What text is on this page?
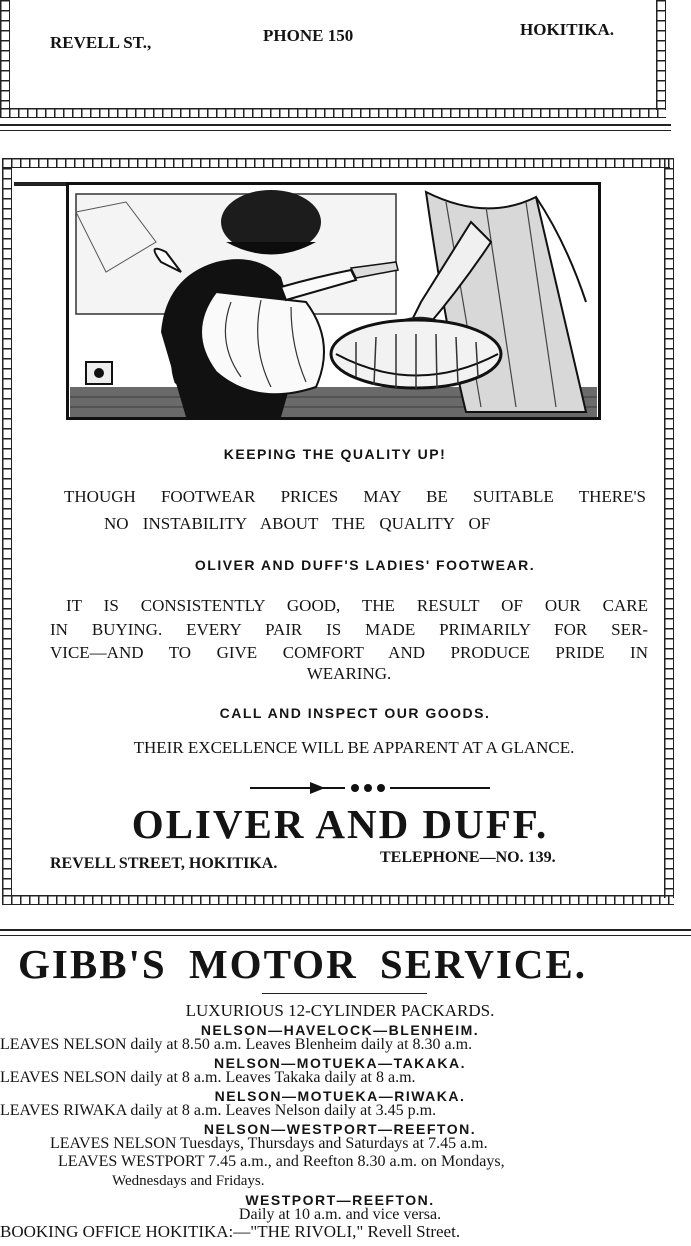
REVELL ST.,	PHONE 150	HOKITIKA.
KEEPING THE QUALITY UP!
THOUGH FOOTWEAR PRICES MAY BE SUITABLE THERE'S
NO INSTABILITY ABOUT THE QUALITY OF
OLIVER AND DUFF'S LADIES' FOOTWEAR.
IT IS CONSISTENTLY GOOD, THE RESULT OF OUR CARE
IN BUYING. EVERY PAIR IS MADE PRIMARILY FOR SER-
VICE—AND TO GIVE COMFORT AND PRODUCE PRIDE IN
WEARING.
CALL AND INSPECT OUR GOODS.
THEIR EXCELLENCE WILL BE APPARENT AT A GLANCE.
OLIVER AND DUFF.
REVELL STREET, HOKITIKA.	TELEPHONE—NO. 139.
GIBB'S MOTOR SERVICE.
LUXURIOUS 12-CYLINDER PACKARDS.
NELSON—HAVELOCK—BLENHEIM.
LEAVES NELSON daily at 8.50 a.m. Leaves Blenheim daily at 8.30 a.m.
NELSON—MOTUEKA—TAKAKA.
LEAVES NELSON daily at 8 a.m. Leaves Takaka daily at 8 a.m.
NELSON—MOTUEKA—RIWAKA.
LEAVES RIWAKA daily at 8 a.m. Leaves Nelson daily at 3.45 p.m.
NELSON—WESTPORT—REEFTON.
LEAVES NELSON Tuesdays, Thursdays and Saturdays at 7.45 a.m.
LEAVES WESTPORT 7.45 a.m., and Reefton 8.30 a.m. on Mondays,
Wednesdays and Fridays.
WESTPORT—REEFTON.
Daily at 10 a.m. and vice versa.
BOOKING OFFICE HOKITIKA:—"THE RIVOLI," Revell Street.
